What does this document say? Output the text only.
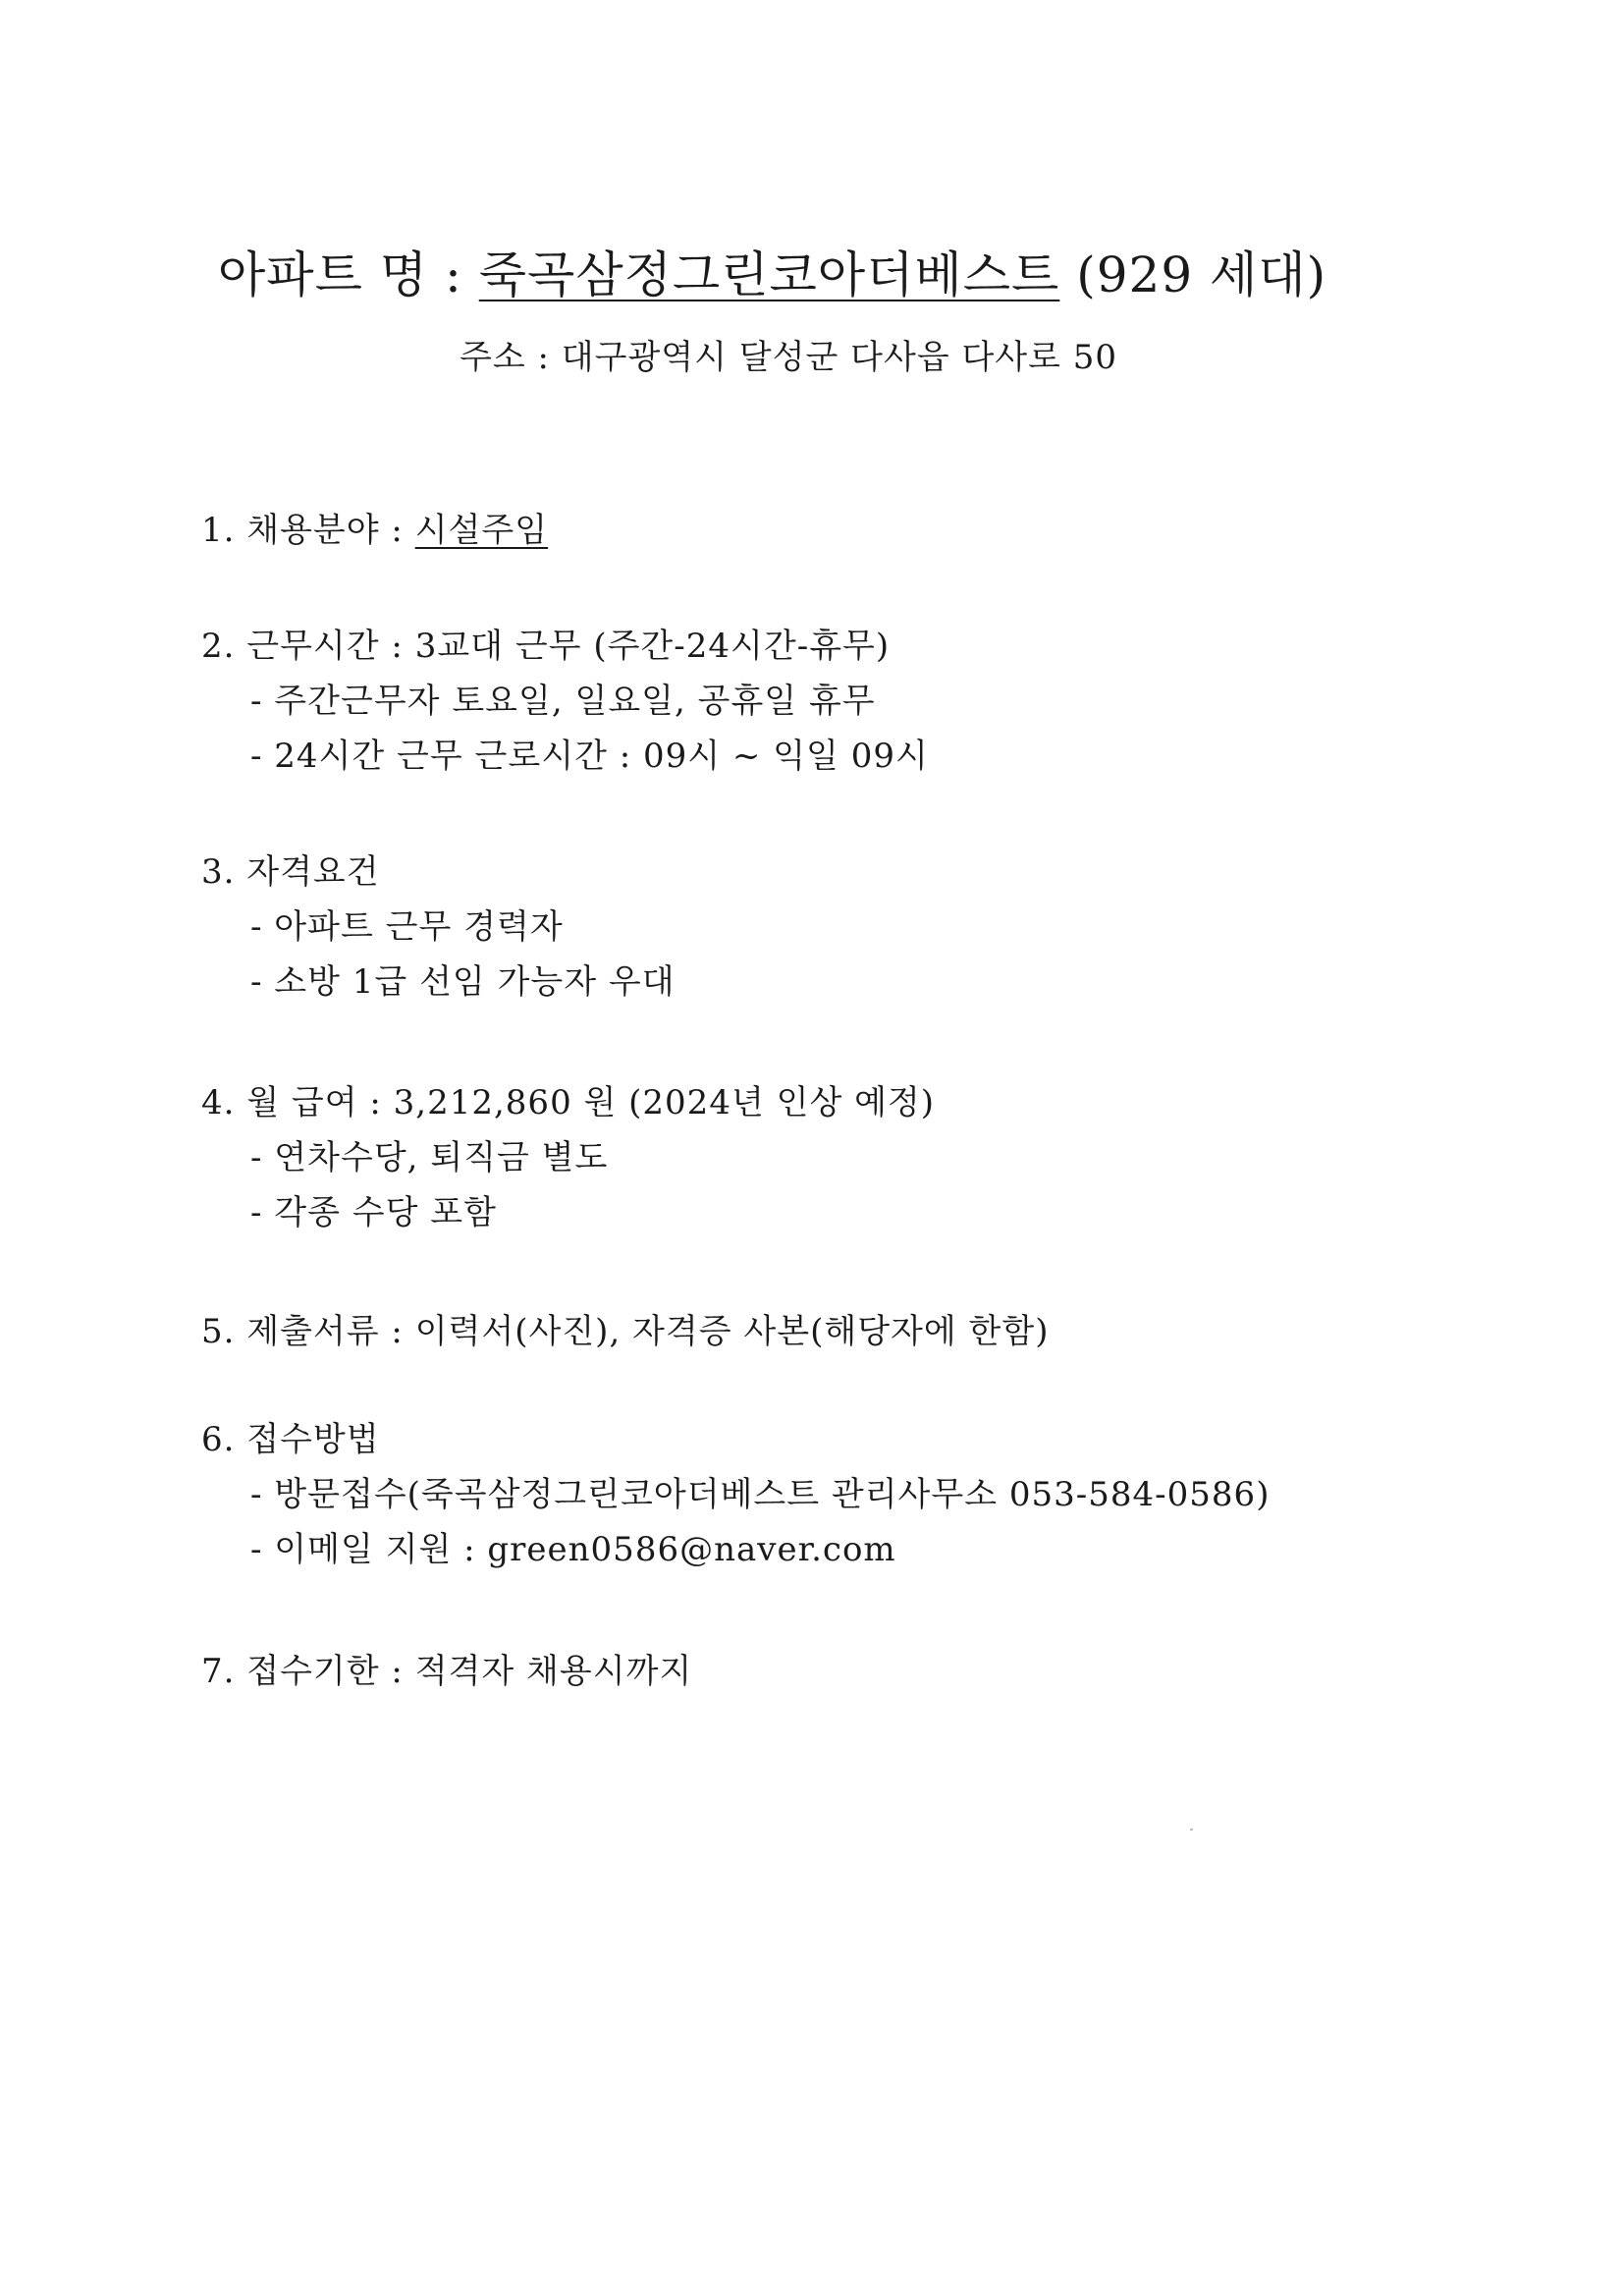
아파트 명 : 죽곡삼정그린코아더베스트 (929 세대)
주소 : 대구광역시 달성군 다사읍 다사로 50
1. 채용분야 : 시설주임
2. 근무시간 : 3교대 근무 (주간-24시간-휴무)
- 주간근무자 토요일, 일요일, 공휴일 휴무
- 24시간 근무 근로시간 : 09시 ~ 익일 09시
3. 자격요건
- 아파트 근무 경력자
- 소방 1급 선임 가능자 우대
4. 월 급여 : 3,212,860 원 (2024년 인상 예정)
- 연차수당, 퇴직금 별도
- 각종 수당 포함
5. 제출서류 : 이력서(사진), 자격증 사본(해당자에 한함)
6. 접수방법
- 방문접수(죽곡삼정그린코아더베스트 관리사무소 053-584-0586)
- 이메일 지원 : green0586@naver.com
7. 접수기한 : 적격자 채용시까지
